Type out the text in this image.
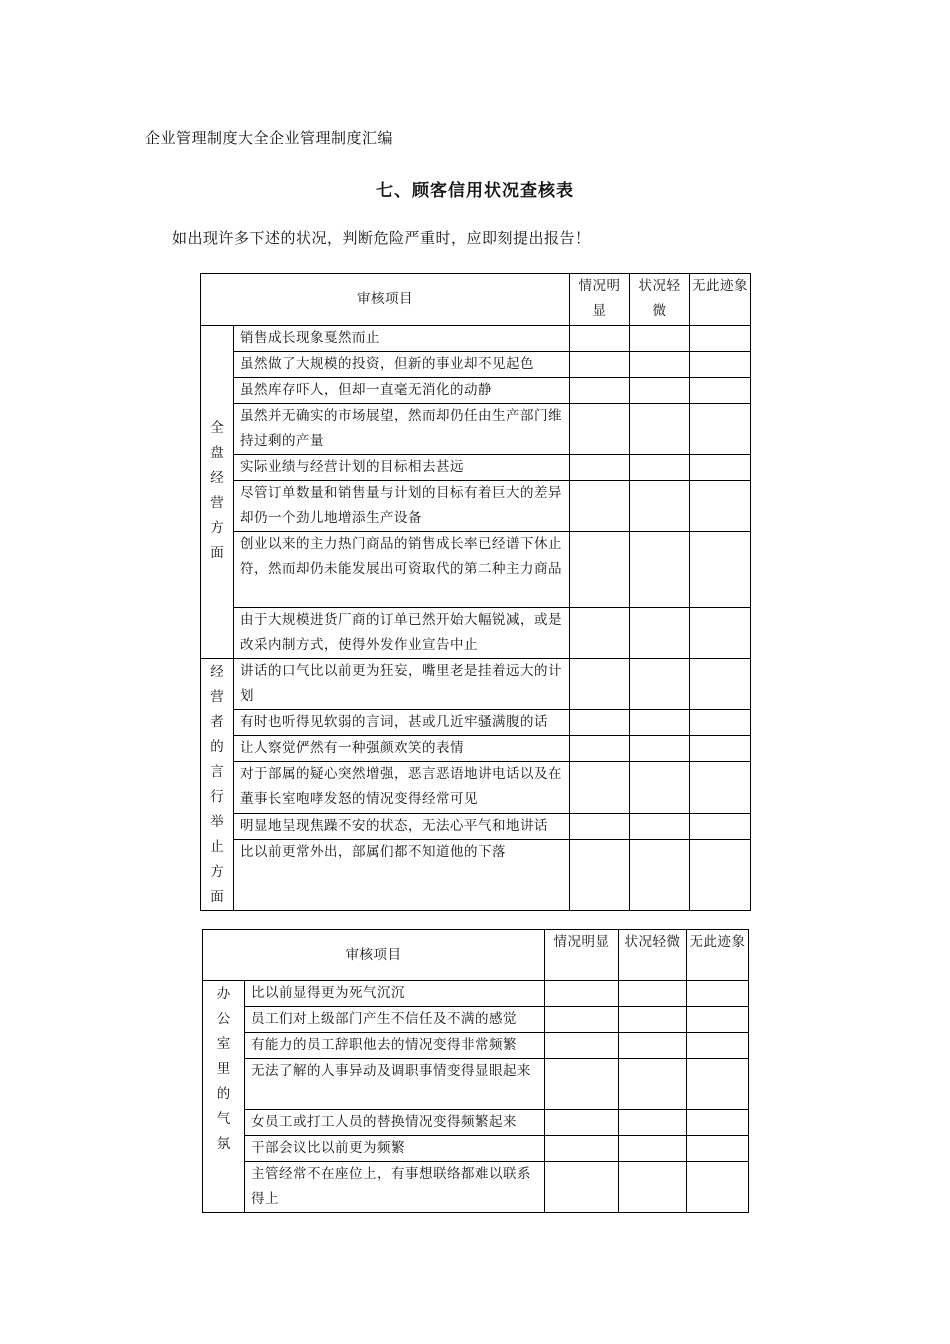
企业管理制度大全企业管理制度汇编
七、顾客信用状况查核表
如出现许多下述的状况，判断危险严重时，应即刻提出报告！
审核项目		情况明显	状况轻微	无此迹象

全盘经营方面	销售成长现象戛然而止			
	虽然做了大规模的投资，但新的事业却不见起色			
	虽然库存吓人，但却一直毫无消化的动静			
	虽然并无确实的市场展望，然而却仍任由生产部门维持过剩的产量			
	实际业绩与经营计划的目标相去甚远			
	尽管订单数量和销售量与计划的目标有着巨大的差异却仍一个劲儿地增添生产设备			
	创业以来的主力热门商品的销售成长率已经谱下休止符，然而却仍未能发展出可资取代的第二种主力商品			
	由于大规模进货厂商的订单已然开始大幅锐减，或是改采内制方式，使得外发作业宣告中止			

经营者的言行举止方面	讲话的口气比以前更为狂妄，嘴里老是挂着远大的计划			
	有时也听得见软弱的言词，甚或几近牢骚满腹的话			
	让人察觉俨然有一种强颜欢笑的表情			
	对于部属的疑心突然增强，恶言恶语地讲电话以及在董事长室咆哮发怒的情况变得经常可见			
	明显地呈现焦躁不安的状态，无法心平气和地讲话			
	比以前更常外出，部属们都不知道他的下落			
审核项目		情况明显	状况轻微	无此迹象

办公室里的气氛	比以前显得更为死气沉沉			
	员工们对上级部门产生不信任及不满的感觉			
	有能力的员工辞职他去的情况变得非常频繁			
	无法了解的人事异动及调职事情变得显眼起来			
	女员工或打工人员的替换情况变得频繁起来			
	干部会议比以前更为频繁			
	主管经常不在座位上，有事想联络都难以联系得上			
